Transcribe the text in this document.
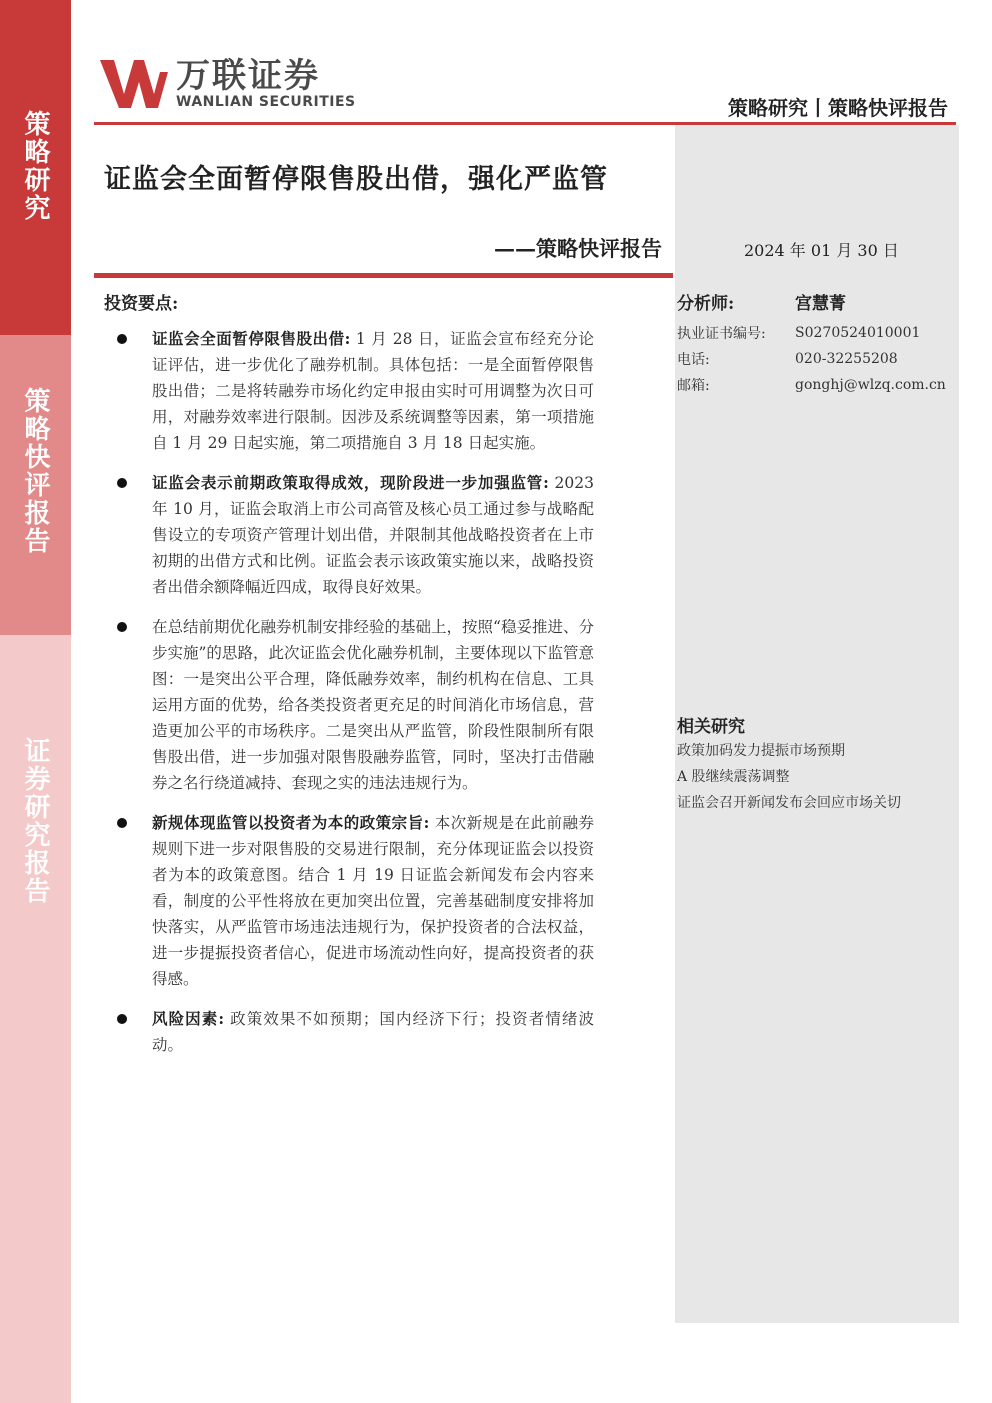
策略研究
策略快评报告
证券研究报告
万联证券
WANLIAN SECURITIES	策略研究丨策略快评报告
证监会全面暂停限售股出借，强化严监管
——策略快评报告	2024 年 01 月 30 日
投资要点:
证监会全面暂停限售股出借: 1 月 28 日，证监会宣布经充分论证评估，进一步优化了融券机制。具体包括：一是全面暂停限售股出借；二是将转融券市场化约定申报由实时可用调整为次日可用，对融券效率进行限制。因涉及系统调整等因素，第一项措施自 1 月 29 日起实施，第二项措施自 3 月 18 日起实施。
证监会表示前期政策取得成效，现阶段进一步加强监管: 2023 年 10 月，证监会取消上市公司高管及核心员工通过参与战略配售设立的专项资产管理计划出借，并限制其他战略投资者在上市初期的出借方式和比例。证监会表示该政策实施以来，战略投资者出借余额降幅近四成，取得良好效果。
在总结前期优化融券机制安排经验的基础上，按照“稳妥推进、分步实施”的思路，此次证监会优化融券机制，主要体现以下监管意图：一是突出公平合理，降低融券效率，制约机构在信息、工具运用方面的优势，给各类投资者更充足的时间消化市场信息，营造更加公平的市场秩序。二是突出从严监管，阶段性限制所有限售股出借，进一步加强对限售股融券监管，同时，坚决打击借融券之名行绕道减持、套现之实的违法违规行为。
新规体现监管以投资者为本的政策宗旨: 本次新规是在此前融券规则下进一步对限售股的交易进行限制，充分体现证监会以投资者为本的政策意图。结合 1 月 19 日证监会新闻发布会内容来看，制度的公平性将放在更加突出位置，完善基础制度安排将加快落实，从严监管市场违法违规行为，保护投资者的合法权益，进一步提振投资者信心，促进市场流动性向好，提高投资者的获得感。
风险因素: 政策效果不如预期；国内经济下行；投资者情绪波动。
分析师:	宫慧菁
执业证书编号:	S0270524010001
电话:	020-32255208
邮箱:	gonghj@wlzq.com.cn
相关研究
政策加码发力提振市场预期
A 股继续震荡调整
证监会召开新闻发布会回应市场关切
